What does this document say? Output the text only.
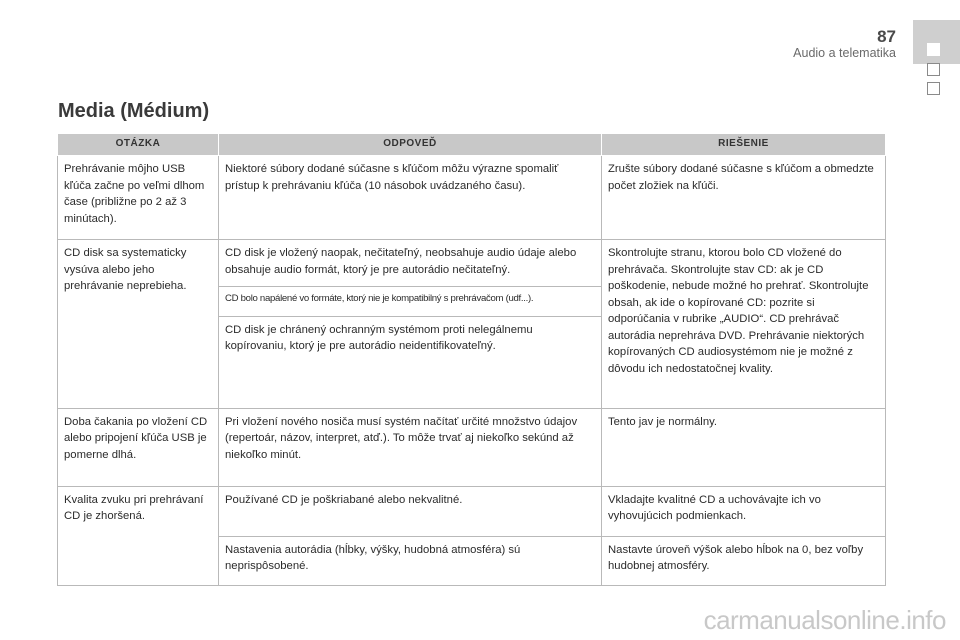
87
Audio a telematika
Media (Médium)
OTÁZKA	ODPOVEĎ	RIEŠENIE
Prehrávanie môjho USB kľúča začne po veľmi dlhom čase (približne po 2 až 3 minútach).	Niektoré súbory dodané súčasne s kľúčom môžu výrazne spomaliť prístup k prehrávaniu kľúča (10 násobok uvádzaného času).	Zrušte súbory dodané súčasne s kľúčom a obmedzte počet zložiek na kľúči.
CD disk sa systematicky vysúva alebo jeho prehrávanie neprebieha.	CD disk je vložený naopak, nečitateľný, neobsahuje audio údaje alebo obsahuje audio formát, ktorý je pre autorádio nečitateľný.	Skontrolujte stranu, ktorou bolo CD vložené do prehrávača. Skontrolujte stav CD: ak je CD poškodenie, nebude možné ho prehrať. Skontrolujte obsah, ak ide o kopírované CD: pozrite si odporúčania v rubrike „AUDIO“. CD prehrávač autorádia neprehráva DVD. Prehrávanie niektorých kopírovaných CD audiosystémom nie je možné z dôvodu ich nedostatočnej kvality.
	CD bolo napálené vo formáte, ktorý nie je kompatibilný s prehrávačom (udf...).	
	CD disk je chránený ochranným systémom proti nelegálnemu kopírovaniu, ktorý je pre autorádio neidentifikovateľný.	
Doba čakania po vložení CD alebo pripojení kľúča USB je pomerne dlhá.	Pri vložení nového nosiča musí systém načítať určité množstvo údajov (repertoár, názov, interpret, atď.). To môže trvať aj niekoľko sekúnd až niekoľko minút.	Tento jav je normálny.
Kvalita zvuku pri prehrávaní CD je zhoršená.	Používané CD je poškriabané alebo nekvalitné.	Vkladajte kvalitné CD a uchovávajte ich vo vyhovujúcich podmienkach.
	Nastavenia autorádia (hĺbky, výšky, hudobná atmosféra) sú neprispôsobené.	Nastavte úroveň výšok alebo hĺbok na 0, bez voľby hudobnej atmosféry.
carmanualsonline.info
